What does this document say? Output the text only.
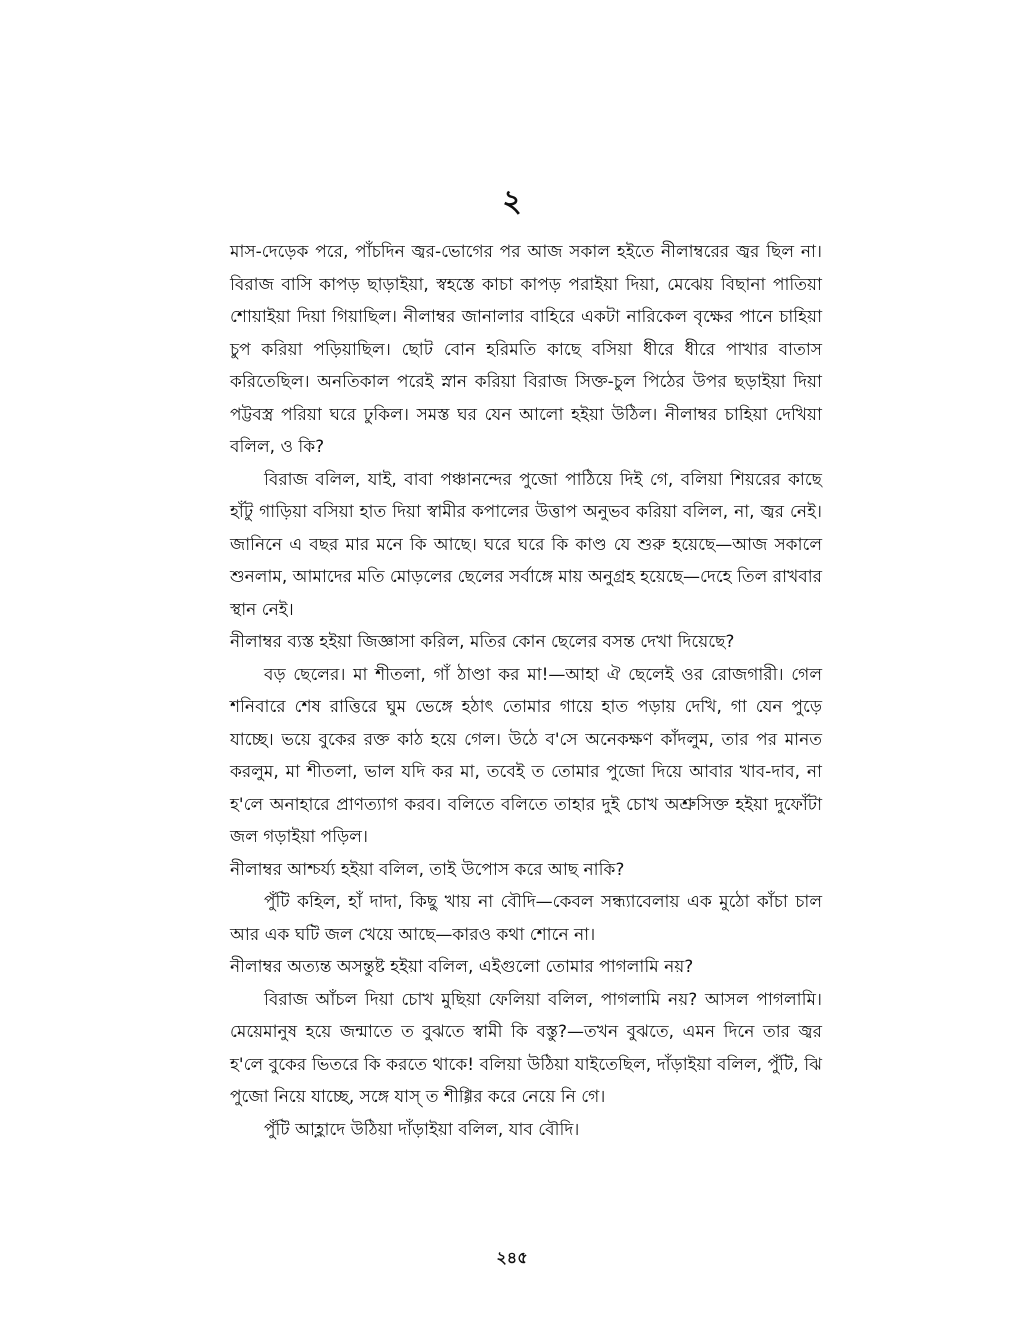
২

মাস-দেড়েক পরে, পাঁচদিন জ্বর-ভোগের পর আজ সকাল হইতে নীলাম্বরের জ্বর ছিল না। বিরাজ বাসি কাপড় ছাড়াইয়া, স্বহস্তে কাচা কাপড় পরাইয়া দিয়া, মেঝেয় বিছানা পাতিয়া শোয়াইয়া দিয়া গিয়াছিল। নীলাম্বর জানালার বাহিরে একটা নারিকেল বৃক্ষের পানে চাহিয়া চুপ করিয়া পড়িয়াছিল। ছোট বোন হরিমতি কাছে বসিয়া ধীরে ধীরে পাখার বাতাস করিতেছিল। অনতিকাল পরেই স্নান করিয়া বিরাজ সিক্ত-চুল পিঠের উপর ছড়াইয়া দিয়া পট্টবস্ত্র পরিয়া ঘরে ঢুকিল। সমস্ত ঘর যেন আলো হইয়া উঠিল। নীলাম্বর চাহিয়া দেখিয়া বলিল, ও কি?

বিরাজ বলিল, যাই, বাবা পঞ্চানন্দের পুজো পাঠিয়ে দিই গে, বলিয়া শিয়রের কাছে হাঁটু গাড়িয়া বসিয়া হাত দিয়া স্বামীর কপালের উত্তাপ অনুভব করিয়া বলিল, না, জ্বর নেই। জানিনে এ বছর মার মনে কি আছে। ঘরে ঘরে কি কাণ্ড যে শুরু হয়েছে—আজ সকালে শুনলাম, আমাদের মতি মোড়লের ছেলের সর্বাঙ্গে মায় অনুগ্রহ হয়েছে—দেহে তিল রাখবার স্থান নেই।

নীলাম্বর ব্যস্ত হইয়া জিজ্ঞাসা করিল, মতির কোন ছেলের বসন্ত দেখা দিয়েছে?

বড় ছেলের। মা শীতলা, গাঁ ঠাণ্ডা কর মা!—আহা ঐ ছেলেই ওর রোজগারী। গেল শনিবারে শেষ রাত্তিরে ঘুম ভেঙ্গে হঠাৎ তোমার গায়ে হাত পড়ায় দেখি, গা যেন পুড়ে যাচ্ছে। ভয়ে বুকের রক্ত কাঠ হয়ে গেল। উঠে ব'সে অনেকক্ষণ কাঁদলুম, তার পর মানত করলুম, মা শীতলা, ভাল যদি কর মা, তবেই ত তোমার পুজো দিয়ে আবার খাব-দাব, না হ'লে অনাহারে প্রাণত্যাগ করব। বলিতে বলিতে তাহার দুই চোখ অশ্রুসিক্ত হইয়া দুফোঁটা জল গড়াইয়া পড়িল।

নীলাম্বর আশ্চর্য্য হইয়া বলিল, তাই উপোস করে আছ নাকি?

পুঁটি কহিল, হাঁ দাদা, কিছু খায় না বৌদি—কেবল সন্ধ্যাবেলায় এক মুঠো কাঁচা চাল আর এক ঘটি জল খেয়ে আছে—কারও কথা শোনে না।

নীলাম্বর অত্যন্ত অসন্তুষ্ট হইয়া বলিল, এইগুলো তোমার পাগলামি নয়?

বিরাজ আঁচল দিয়া চোখ মুছিয়া ফেলিয়া বলিল, পাগলামি নয়? আসল পাগলামি। মেয়েমানুষ হয়ে জন্মাতে ত বুঝতে স্বামী কি বস্তু?—তখন বুঝতে, এমন দিনে তার জ্বর হ'লে বুকের ভিতরে কি করতে থাকে! বলিয়া উঠিয়া যাইতেছিল, দাঁড়াইয়া বলিল, পুঁটি, ঝি পুজো নিয়ে যাচ্ছে, সঙ্গে যাস্ ত শীগ্গির করে নেয়ে নি গে।

পুঁটি আহ্লাদে উঠিয়া দাঁড়াইয়া বলিল, যাব বৌদি।

২৪৫
